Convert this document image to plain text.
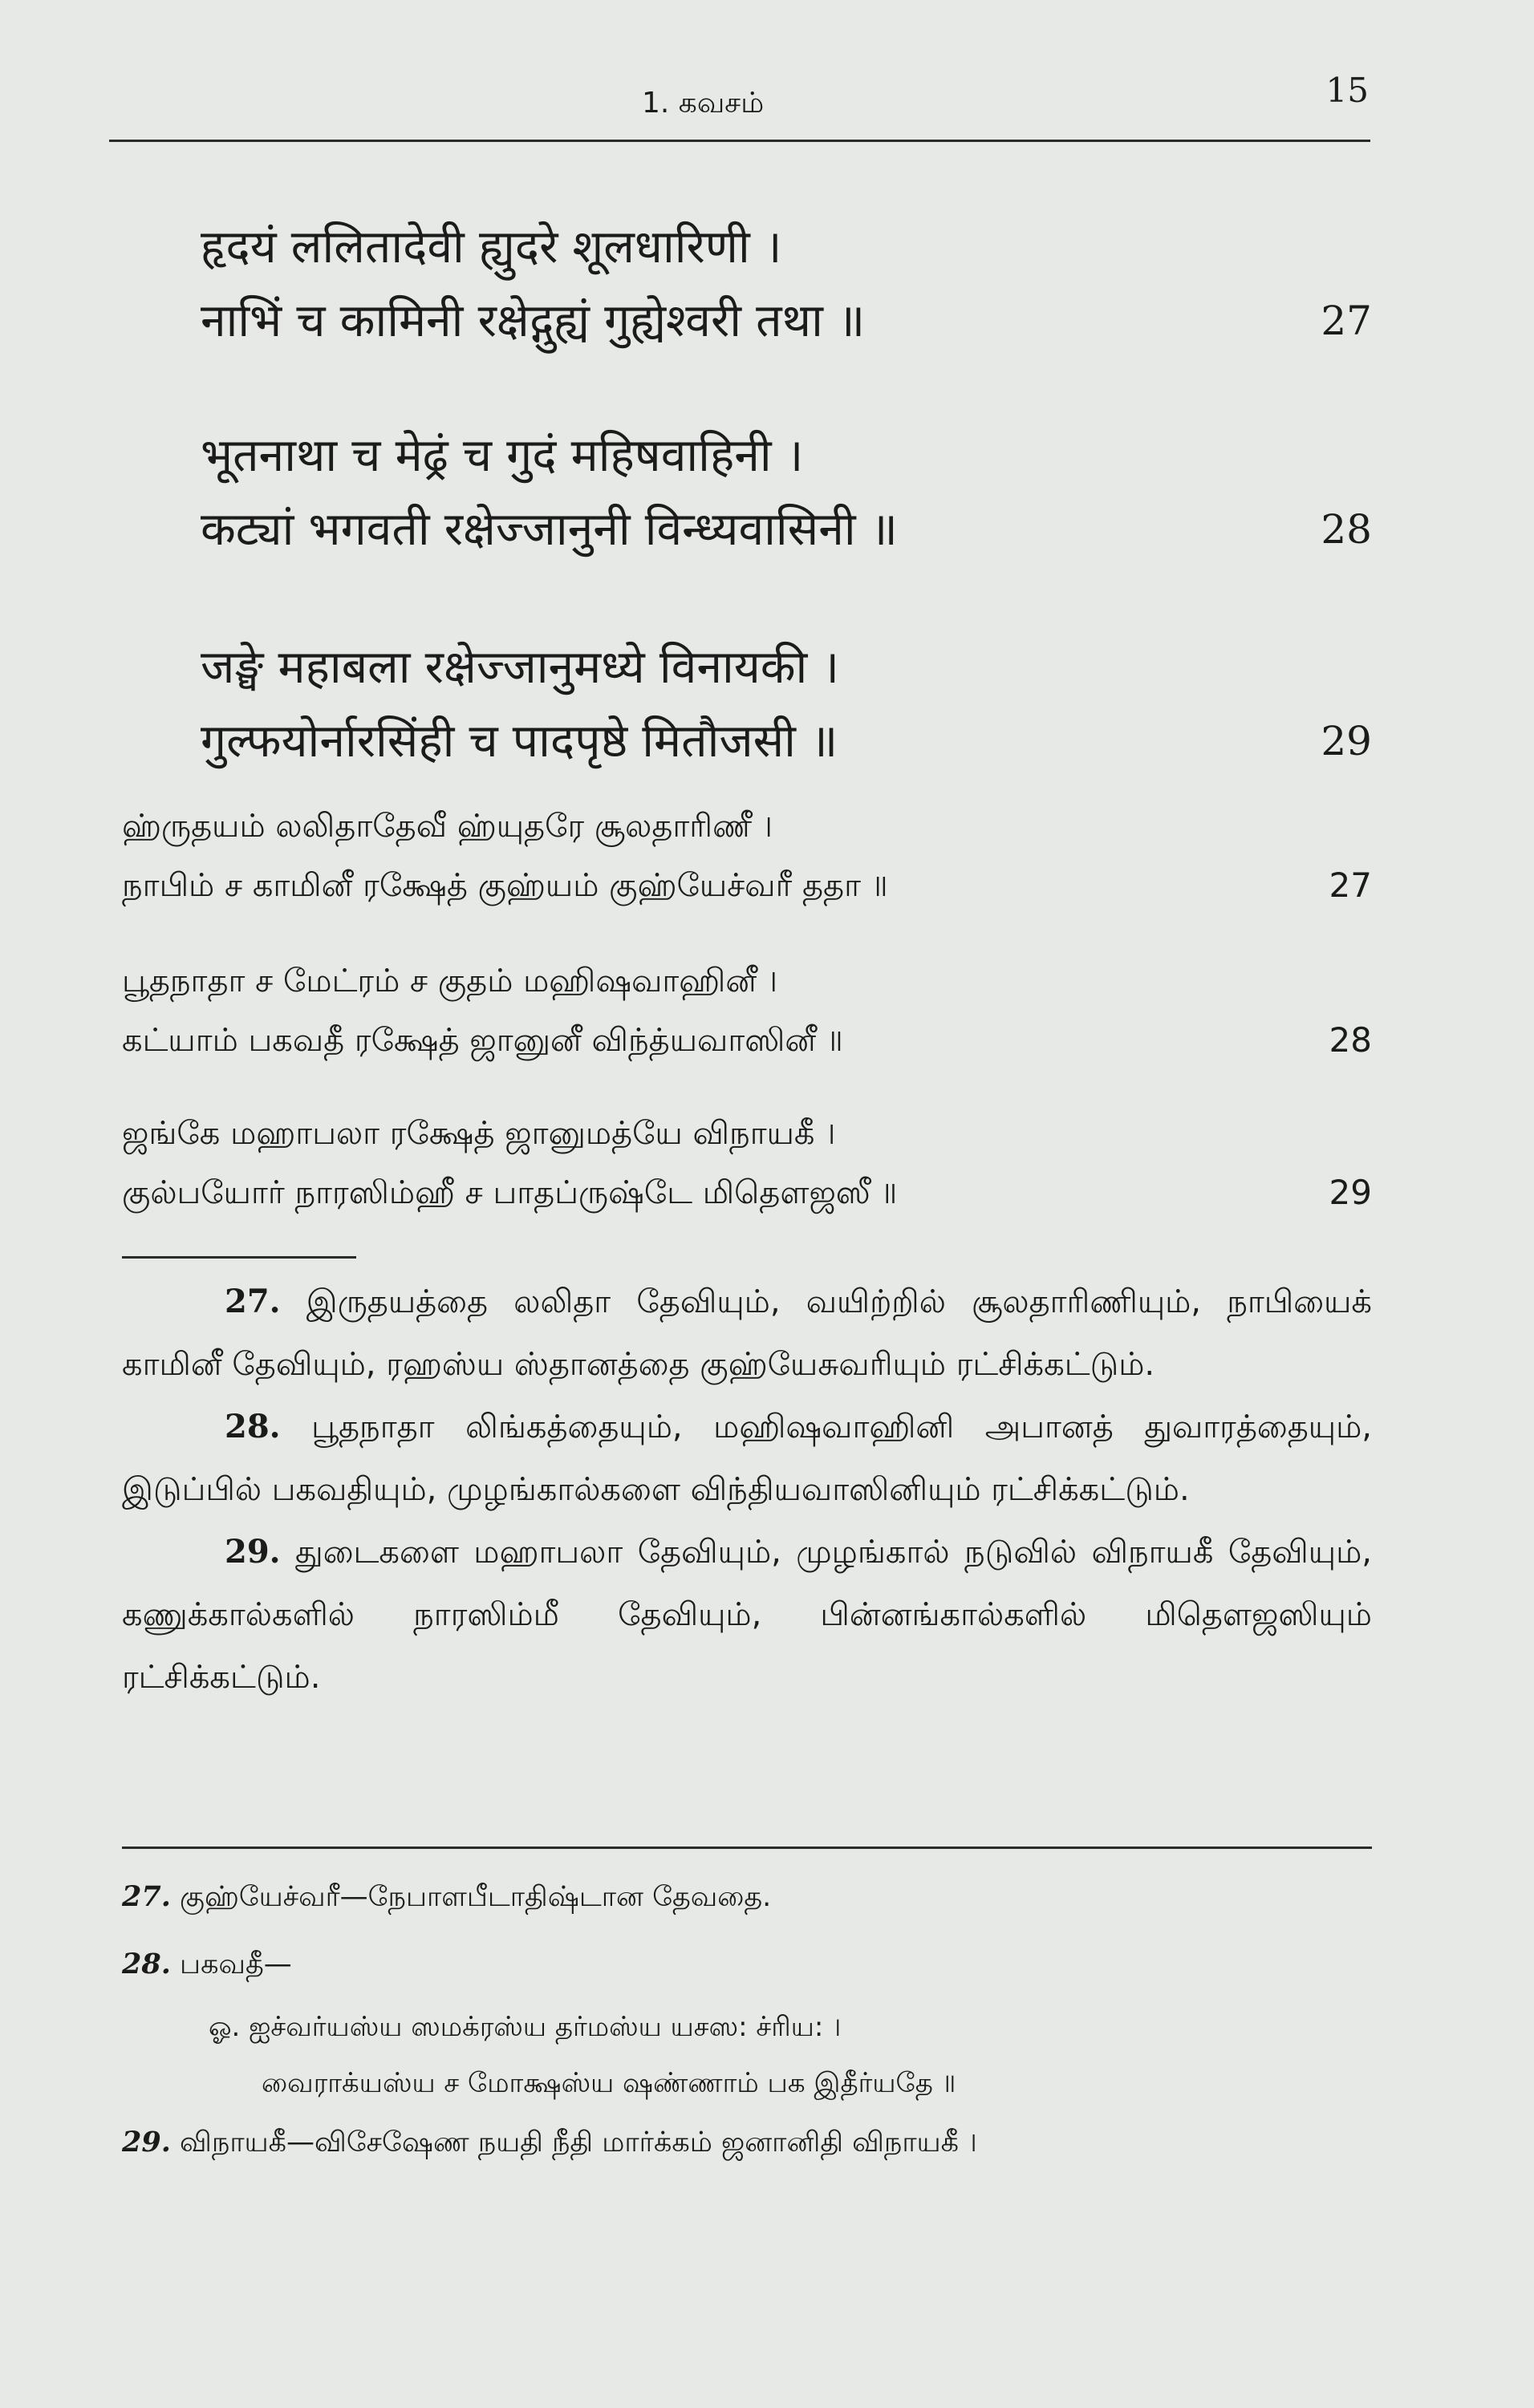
1. கவசம்	15
हृदयं ललितादेवी ह्युदरे शूलधारिणी ।
नाभिं च कामिनी रक्षेद्गुह्यं गुह्येश्वरी तथा ॥	27
भूतनाथा च मेढ्रं च गुदं महिषवाहिनी ।
कट्यां भगवती रक्षेज्जानुनी विन्ध्यवासिनी ॥	28
जङ्घे महाबला रक्षेज्जानुमध्ये विनायकी ।
गुल्फयोर्नारसिंही च पादपृष्ठे मितौजसी ॥	29
ஹ்ருதயம் லலிதாதேவீ ஹ்யுதரே சூலதாரிணீ ।
நாபிம் ச காமினீ ரக்ஷேத் குஹ்யம் குஹ்யேச்வரீ ததா ॥	27
பூதநாதா ச மேட்ரம் ச குதம் மஹிஷவாஹினீ ।
கட்யாம் பகவதீ ரக்ஷேத் ஜானுனீ விந்த்யவாஸினீ ॥	28
ஜங்கே மஹாபலா ரக்ஷேத் ஜானுமத்யே விநாயகீ ।
குல்பயோர் நாரஸிம்ஹீ ச பாதப்ருஷ்டே மிதௌஜஸீ ॥	29

27. இருதயத்தை லலிதா தேவியும், வயிற்றில் சூலதாரிணியும், நாபியைக் காமினீ தேவியும், ரஹஸ்ய ஸ்தானத்தை குஹ்யேசுவரியும் ரட்சிக்கட்டும்.

28. பூதநாதா லிங்கத்தையும், மஹிஷவாஹினி அபானத் துவாரத்தையும், இடுப்பில் பகவதியும், முழங்கால்களை விந்தியவாஸினியும் ரட்சிக்கட்டும்.

29. துடைகளை மஹாபலா தேவியும், முழங்கால் நடுவில் விநாயகீ தேவியும், கணுக்கால்களில் நாரஸிம்மீ தேவியும், பின்னங்கால்களில் மிதௌஜஸியும் ரட்சிக்கட்டும்.

27. குஹ்யேச்வரீ—நேபாளபீடாதிஷ்டான தேவதை.
28. பகவதீ—
ஓ. ஐச்வர்யஸ்ய ஸமக்ரஸ்ய தர்மஸ்ய யசஸ: ச்ரிய: ।
வைராக்யஸ்ய ச மோக்ஷஸ்ய ஷண்ணாம் பக இதீர்யதே ॥
29. விநாயகீ—விசேஷேண நயதி நீதி மார்க்கம் ஜனானிதி விநாயகீ ।
